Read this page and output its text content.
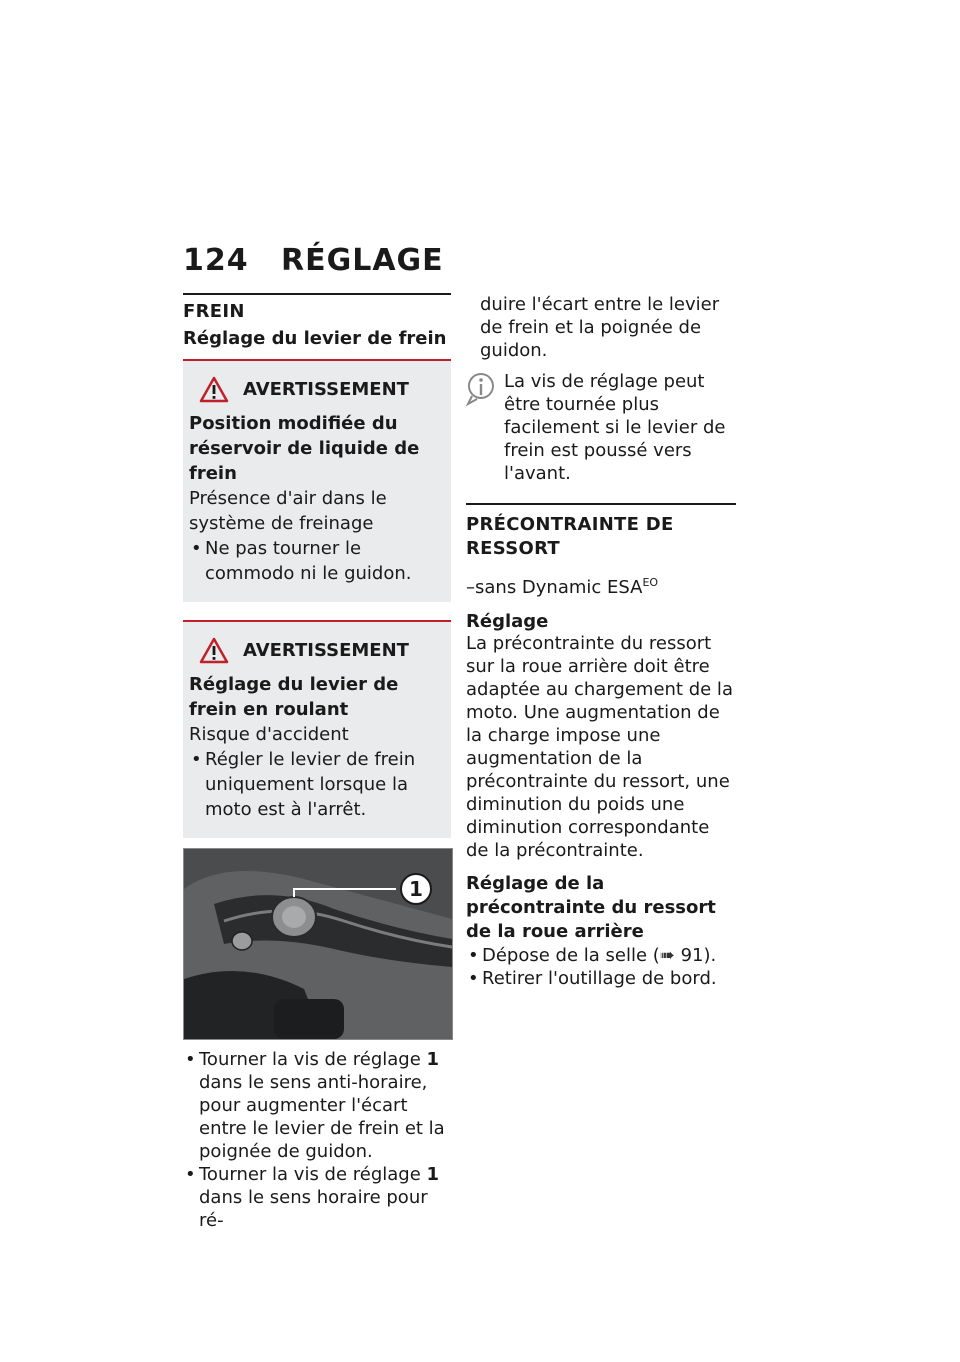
124 RÉGLAGE
FREIN
Réglage du levier de frein
AVERTISSEMENT

Position modifiée du réservoir de liquide de frein

Présence d'air dans le système de freinage

• Ne pas tourner le commodo ni le guidon.
AVERTISSEMENT

Réglage du levier de frein en roulant

Risque d'accident

• Régler le levier de frein uniquement lorsque la moto est à l'arrêt.
1
• Tourner la vis de réglage 1 dans le sens anti-horaire, pour augmenter l'écart entre le levier de frein et la poignée de guidon.
• Tourner la vis de réglage 1 dans le sens horaire pour ré-

duire l'écart entre le levier de frein et la poignée de guidon.

La vis de réglage peut être tournée plus facilement si le levier de frein est poussé vers l'avant.

PRÉCONTRAINTE DE RESSORT

–sans Dynamic $ESA^{EO}$

Réglage

La précontrainte du ressort sur la roue arrière doit être adaptée au chargement de la moto. Une augmentation de la charge impose une augmentation de la précontrainte du ressort, une diminution du poids une diminution correspondante de la précontrainte.

Réglage de la précontrainte du ressort de la roue arrière
• Dépose de la selle (➠ 91).
• Retirer l'outillage de bord.
